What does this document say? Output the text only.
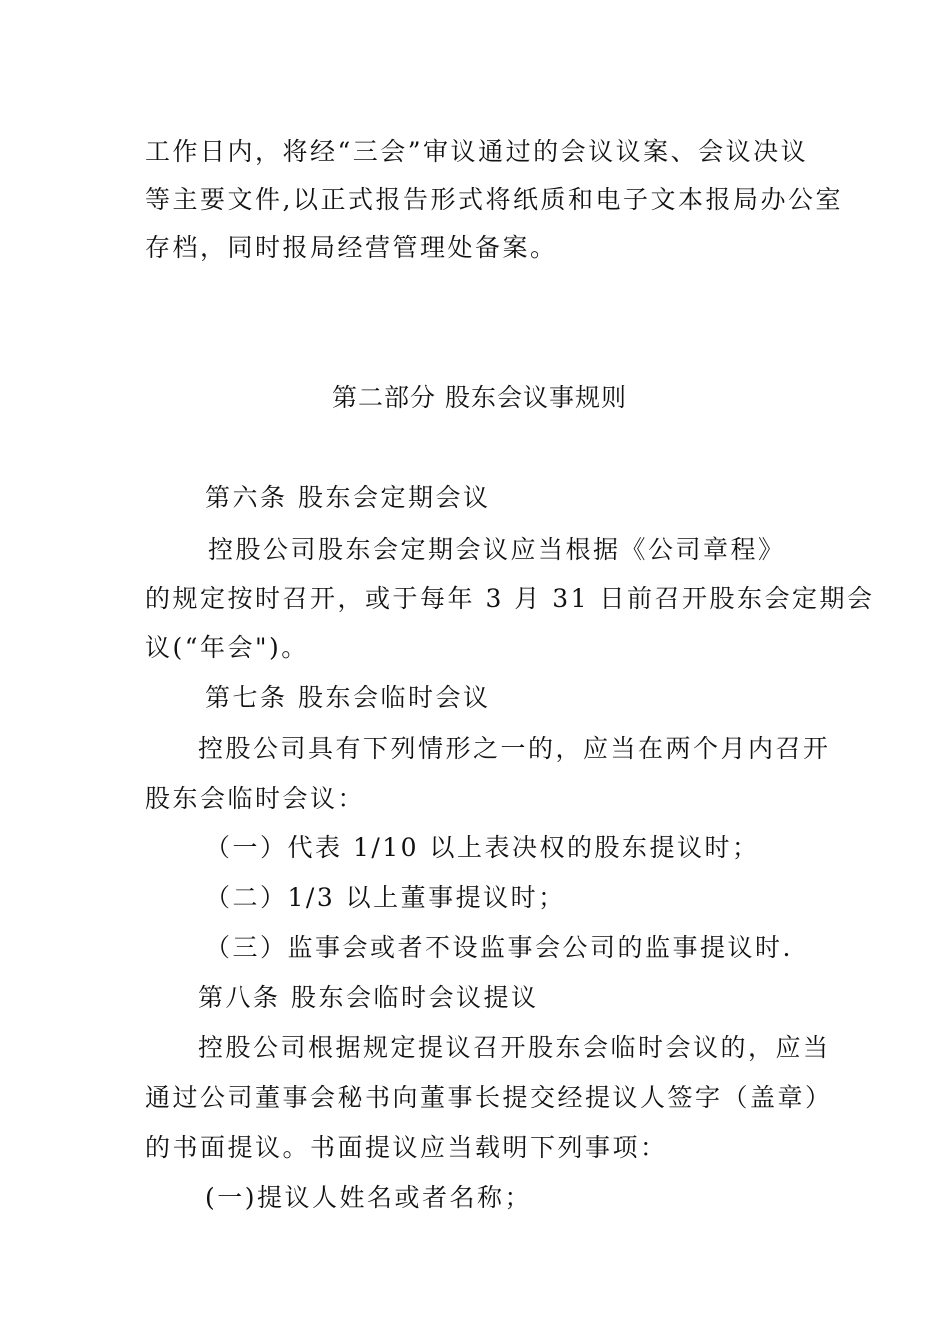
工作日内，将经“三会”审议通过的会议议案、会议决议
等主要文件,以正式报告形式将纸质和电子文本报局办公室
存档，同时报局经营管理处备案。
第二部分 股东会议事规则
第六条 股东会定期会议
控股公司股东会定期会议应当根据《公司章程》
的规定按时召开，或于每年 3 月 31 日前召开股东会定期会
议(“年会")。
第七条 股东会临时会议
控股公司具有下列情形之一的，应当在两个月内召开
股东会临时会议：
（一）代表 1/10 以上表决权的股东提议时；
（二）1/3 以上董事提议时；
（三）监事会或者不设监事会公司的监事提议时.
第八条 股东会临时会议提议
控股公司根据规定提议召开股东会临时会议的，应当
通过公司董事会秘书向董事长提交经提议人签字（盖章）
的书面提议。书面提议应当载明下列事项：
(一)提议人姓名或者名称；
